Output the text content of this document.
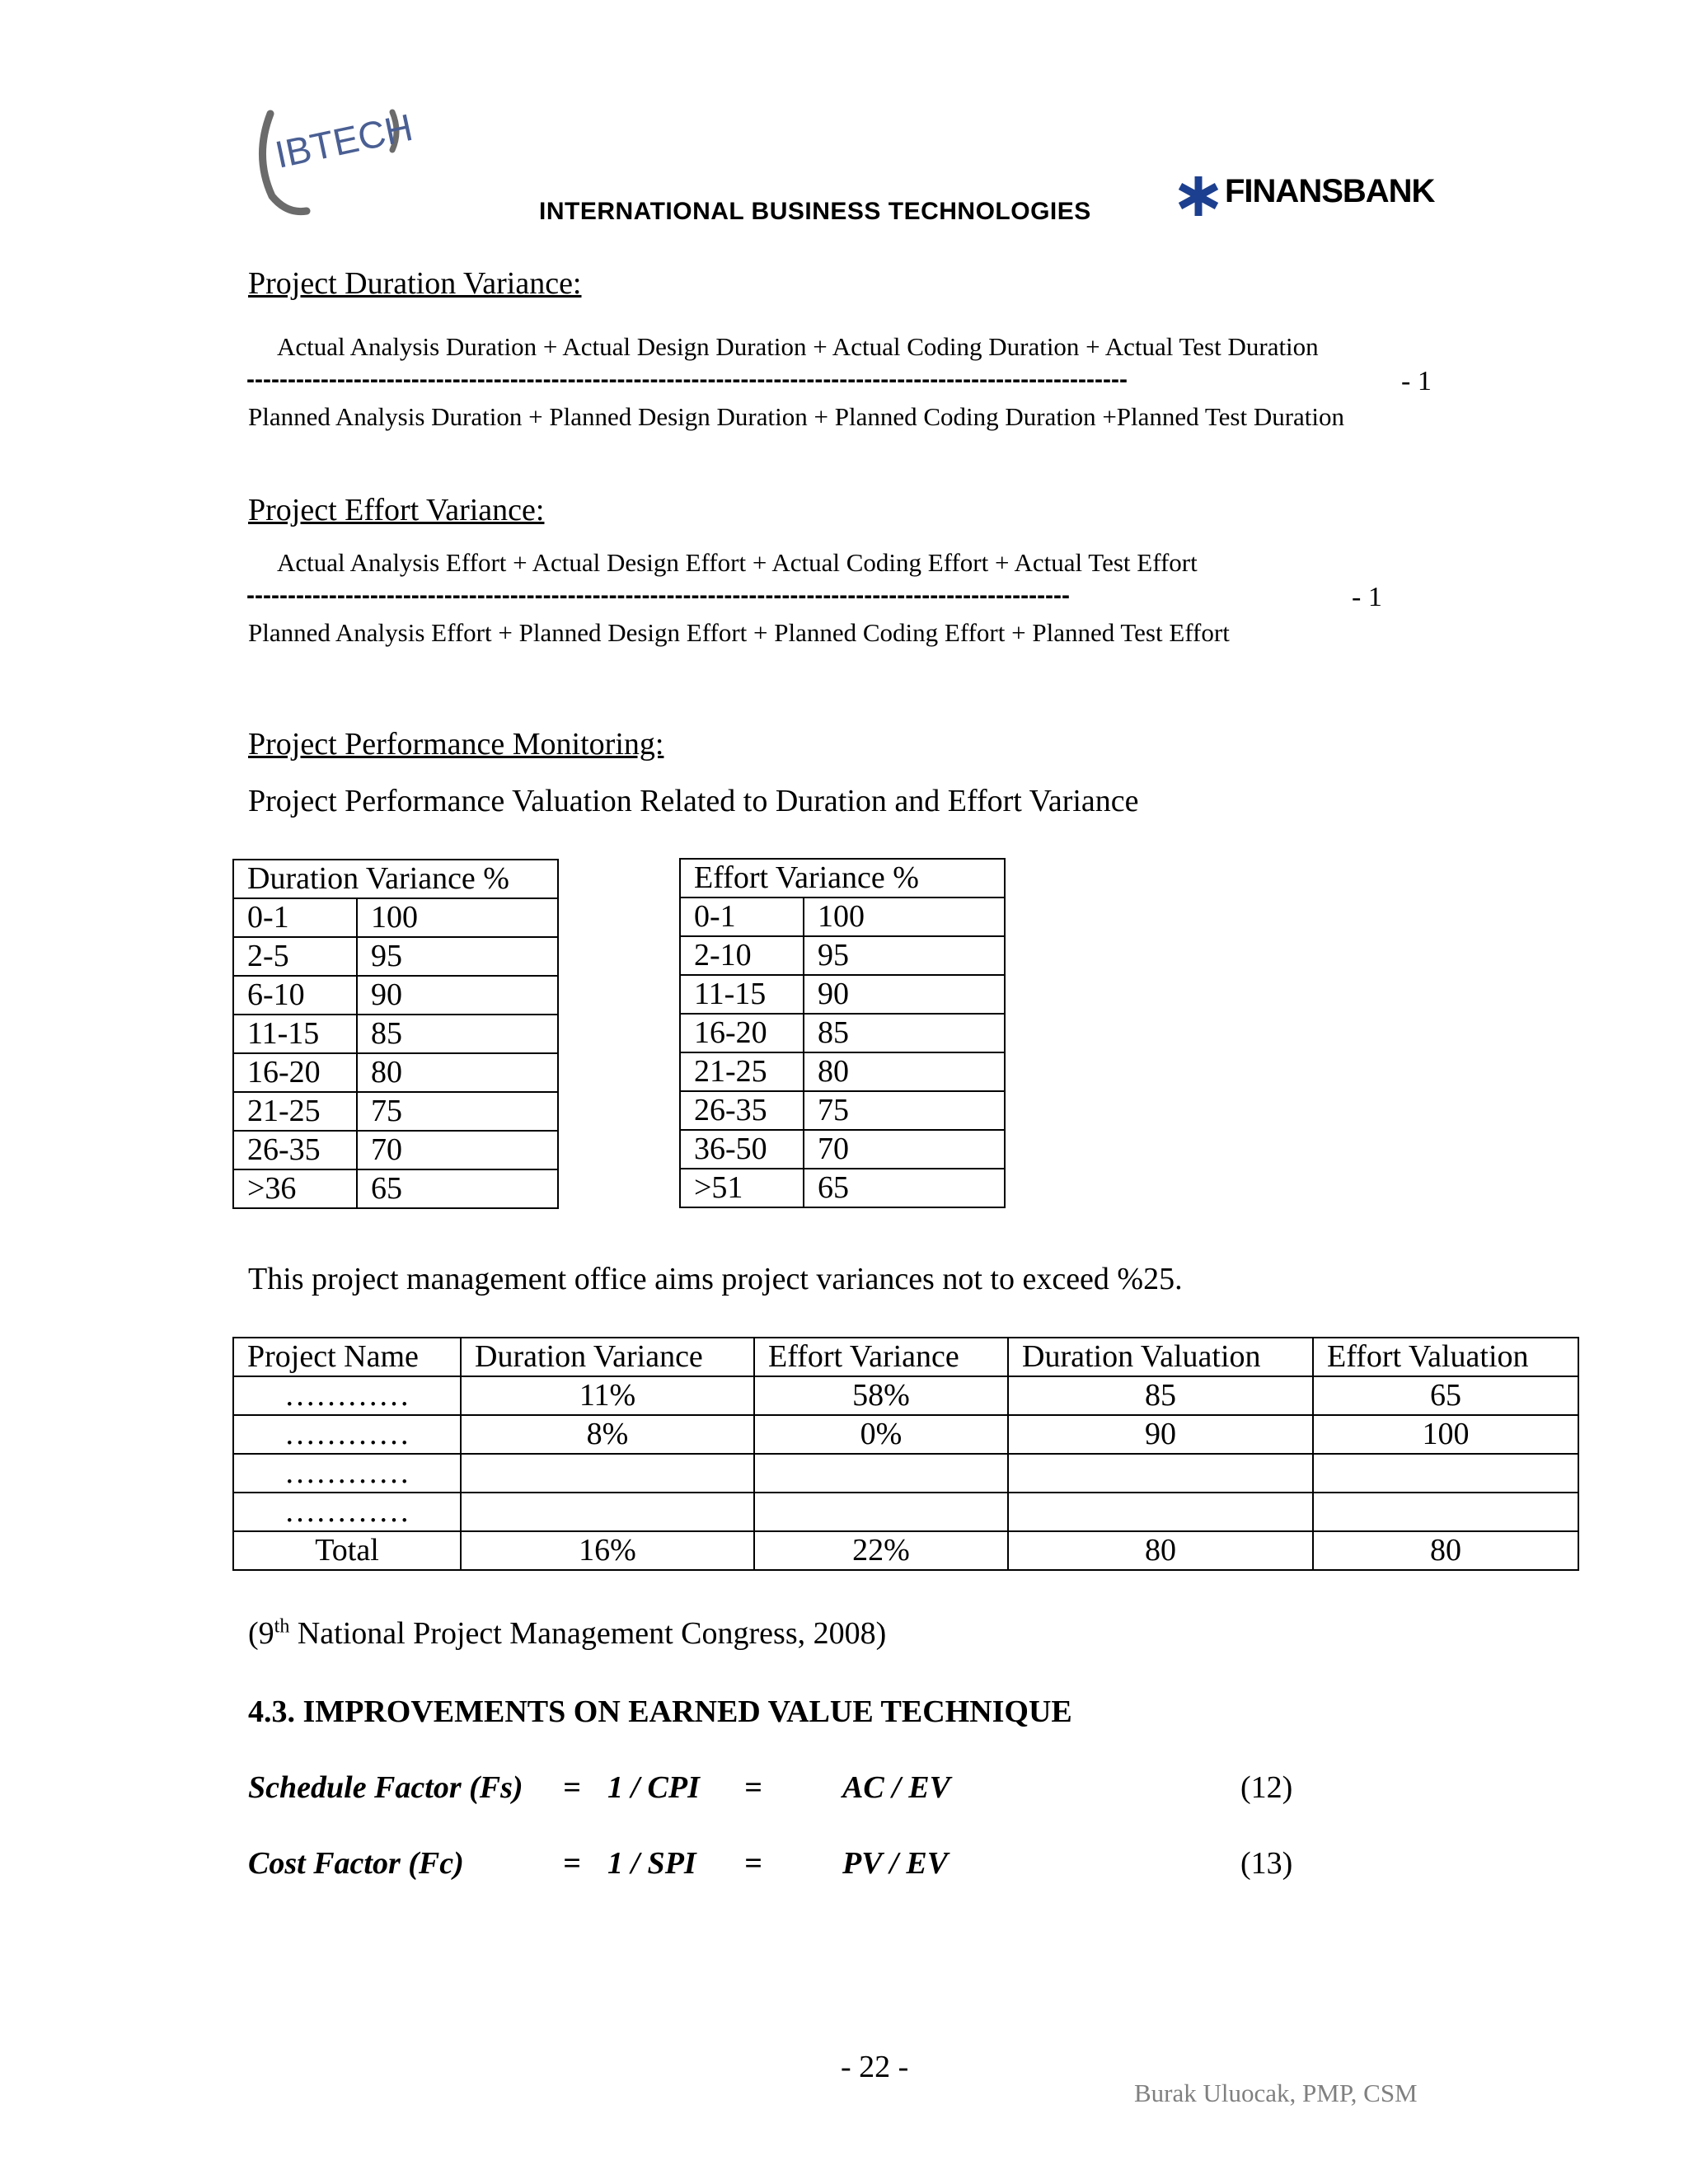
IBTECH
INTERNATIONAL BUSINESS TECHNOLOGIES
FINANSBANK
Project Duration Variance:
Actual Analysis Duration + Actual Design Duration + Actual Coding Duration + Actual Test Duration
-----------------------------------------------------------------------------------------------------------	- 1
Planned Analysis Duration + Planned Design Duration + Planned Coding Duration +Planned Test Duration
Project Effort Variance:
Actual Analysis Effort + Actual Design Effort + Actual Coding Effort + Actual Test Effort
----------------------------------------------------------------------------------------------------	- 1
Planned Analysis Effort + Planned Design Effort + Planned Coding Effort + Planned Test Effort
Project Performance Monitoring:
Project Performance Valuation Related to Duration and Effort Variance
Duration Variance %	
0-1	100
2-5	95
6-10	90
11-15	85
16-20	80
21-25	75
26-35	70
>36	65
Effort Variance %	
0-1	100
2-10	95
11-15	90
16-20	85
21-25	80
26-35	75
36-50	70
>51	65
This project management office aims project variances not to exceed %25.
Project Name	Duration Variance	Effort Variance	Duration Valuation	Effort Valuation
…………	11%	58%	85	65
…………	8%	0%	90	100
…………				
…………				
Total	16%	22%	80	80
(9th National Project Management Congress, 2008)
4.3. IMPROVEMENTS ON EARNED VALUE TECHNIQUE
Schedule Factor (Fs) = 1 / CPI =	AC / EV	(12)
Cost Factor (Fc)	= 1 / SPI =	PV / EV	(13)
- 22 -
Burak Uluocak, PMP, CSM
